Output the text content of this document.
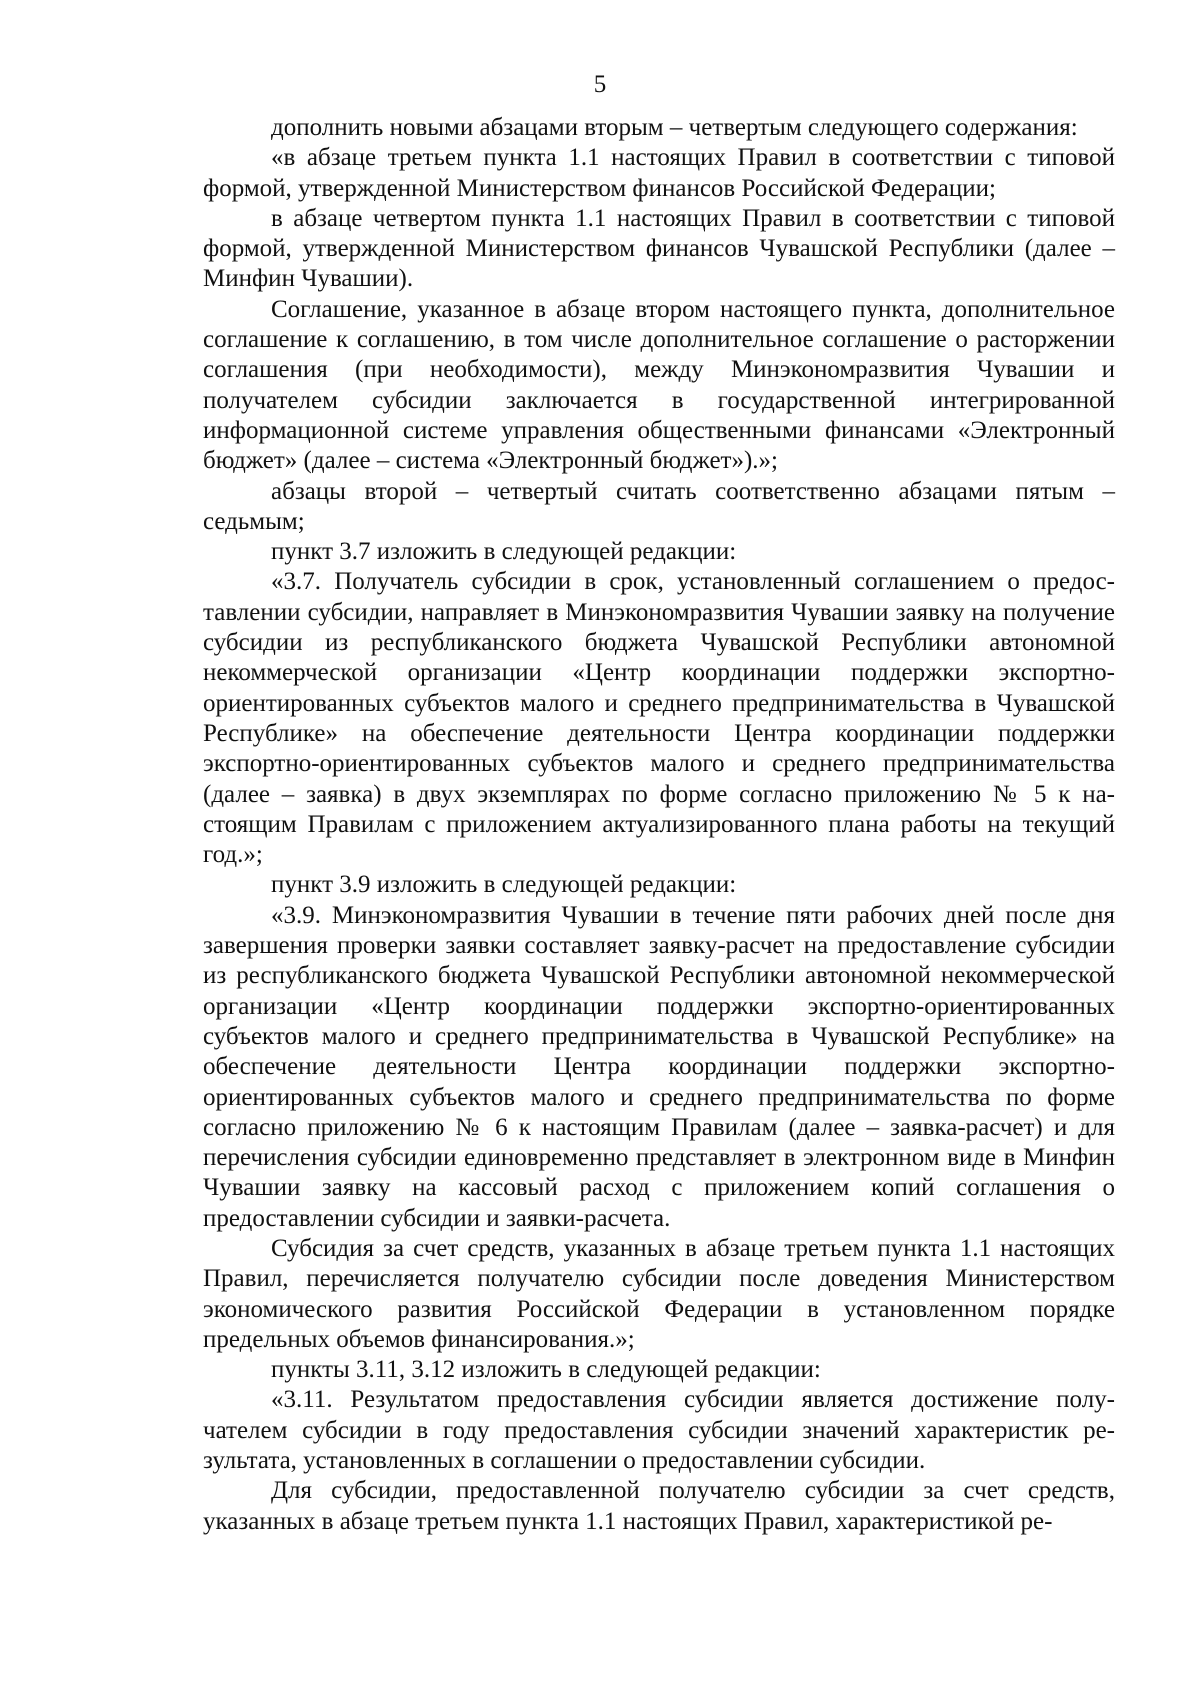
5

дополнить новыми абзацами вторым – четвертым следующего содержания:

«в абзаце третьем пункта 1.1 настоящих Правил в соответствии с типовой формой, утвержденной Министерством финансов Российской Федерации;

в абзаце четвертом пункта 1.1 настоящих Правил в соответствии с типовой формой, утвержденной Министерством финансов Чувашской Республики (далее – Минфин Чувашии).

Соглашение, указанное в абзаце втором настоящего пункта, дополнительное соглашение к соглашению, в том числе дополнительное соглашение о расторжении соглашения (при необходимости), между Минэкономразвития Чувашии и получателем субсидии заключается в государственной интегрированной информационной системе управления общественными финансами «Электронный бюджет» (далее – система «Электронный бюджет»).»;

абзацы второй – четвертый считать соответственно абзацами пятым – седьмым;

пункт 3.7 изложить в следующей редакции:

«3.7. Получатель субсидии в срок, установленный соглашением о предоставлении субсидии, направляет в Минэкономразвития Чувашии заявку на получение субсидии из республиканского бюджета Чувашской Республики автономной некоммерческой организации «Центр координации поддержки экспортно-ориентированных субъектов малого и среднего предпринимательства в Чувашской Республике» на обеспечение деятельности Центра координации поддержки экспортно-ориентированных субъектов малого и среднего предпринимательства (далее – заявка) в двух экземплярах по форме согласно приложению № 5 к настоящим Правилам с приложением актуализированного плана работы на текущий год.»;

пункт 3.9 изложить в следующей редакции:

«3.9. Минэкономразвития Чувашии в течение пяти рабочих дней после дня завершения проверки заявки составляет заявку-расчет на предоставление субсидии из республиканского бюджета Чувашской Республики автономной некоммерческой организации «Центр координации поддержки экспортно-ориентированных субъектов малого и среднего предпринимательства в Чувашской Республике» на обеспечение деятельности Центра координации поддержки экспортно-ориентированных субъектов малого и среднего предпринимательства по форме согласно приложению № 6 к настоящим Правилам (далее – заявка-расчет) и для перечисления субсидии единовременно представляет в электронном виде в Минфин Чувашии заявку на кассовый расход с приложением копий соглашения о предоставлении субсидии и заявки-расчета.

Субсидия за счет средств, указанных в абзаце третьем пункта 1.1 настоящих Правил, перечисляется получателю субсидии после доведения Министерством экономического развития Российской Федерации в установленном порядке предельных объемов финансирования.»;

пункты 3.11, 3.12 изложить в следующей редакции:

«3.11. Результатом предоставления субсидии является достижение получателем субсидии в году предоставления субсидии значений характеристик результата, установленных в соглашении о предоставлении субсидии.

Для субсидии, предоставленной получателю субсидии за счет средств, указанных в абзаце третьем пункта 1.1 настоящих Правил, характеристикой ре-
